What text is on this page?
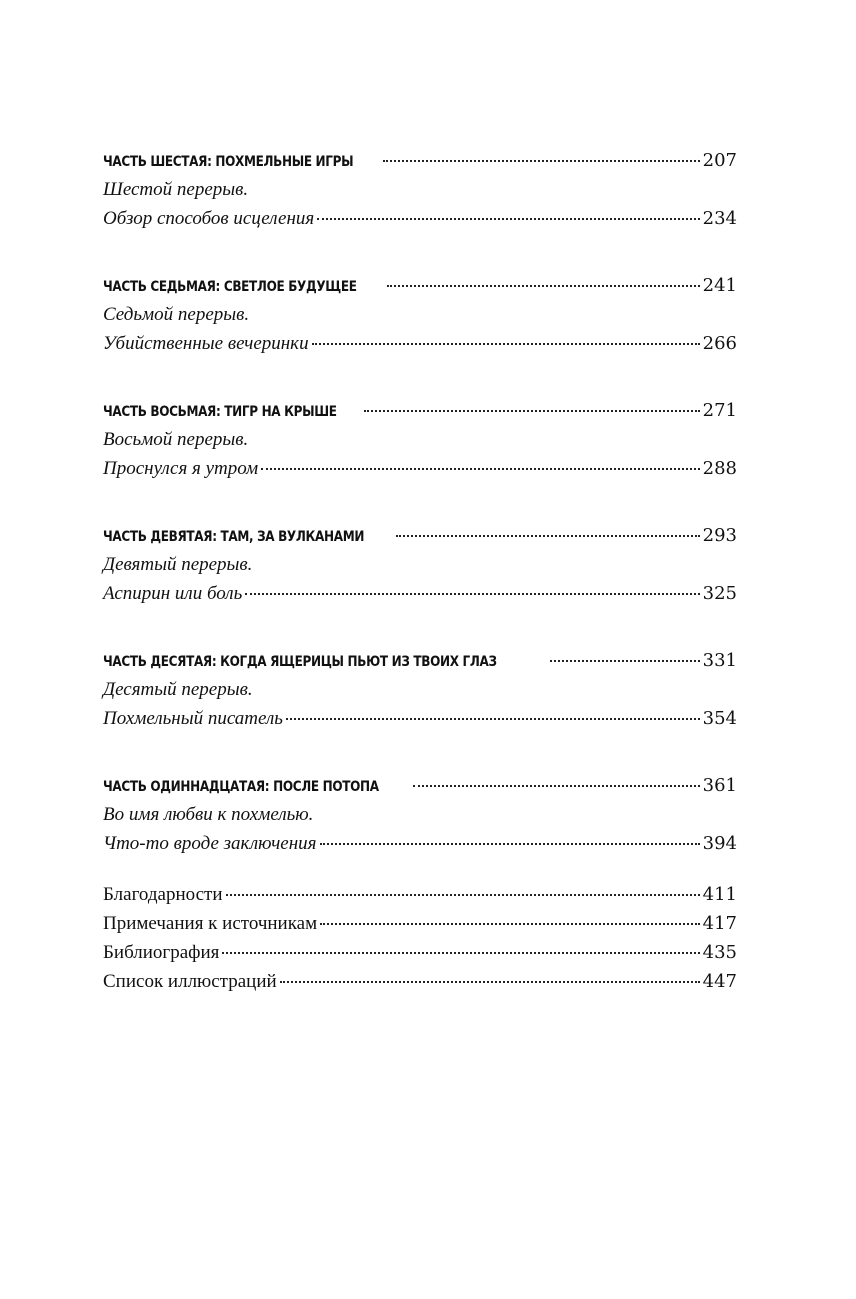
ЧАСТЬ ШЕСТАЯ: ПОХМЕЛЬНЫЕ ИГРЫ	207
Шестой перерыв.
Обзор способов исцеления	234
ЧАСТЬ СЕДЬМАЯ: СВЕТЛОЕ БУДУЩЕЕ	241
Седьмой перерыв.
Убийственные вечеринки	266
ЧАСТЬ ВОСЬМАЯ: ТИГР НА КРЫШЕ	271
Восьмой перерыв.
Проснулся я утром	288
ЧАСТЬ ДЕВЯТАЯ: ТАМ, ЗА ВУЛКАНАМИ	293
Девятый перерыв.
Аспирин или боль	325
ЧАСТЬ ДЕСЯТАЯ: КОГДА ЯЩЕРИЦЫ ПЬЮТ ИЗ ТВОИХ ГЛАЗ	331
Десятый перерыв.
Похмельный писатель	354
ЧАСТЬ ОДИННАДЦАТАЯ: ПОСЛЕ ПОТОПА	361
Во имя любви к похмелью.
Что-то вроде заключения	394
Благодарности	411
Примечания к источникам	417
Библиография	435
Список иллюстраций	447
